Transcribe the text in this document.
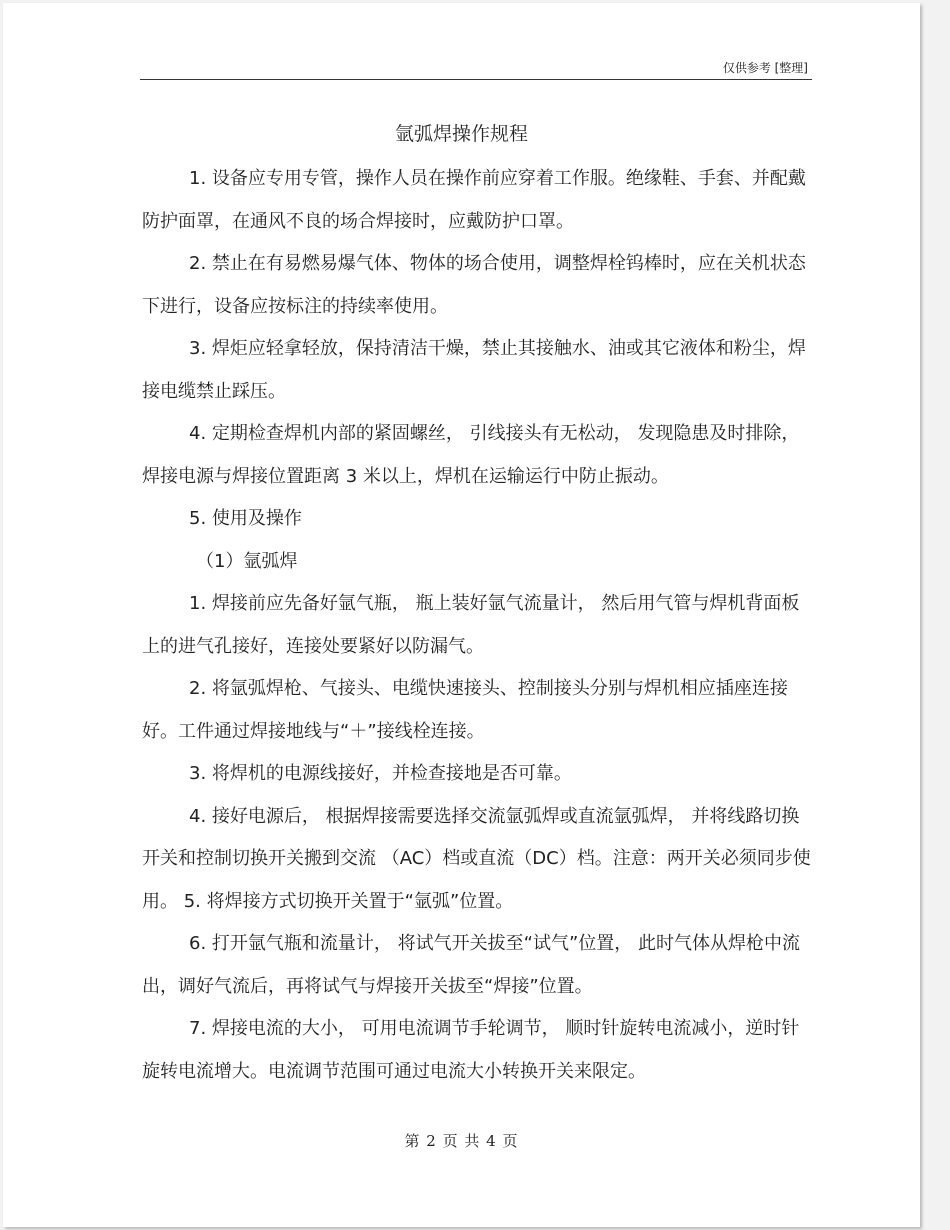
仅供参考 [整理]
氩弧焊操作规程

1. 设备应专用专管，操作人员在操作前应穿着工作服。绝缘鞋、手套、并配戴防护面罩，在通风不良的场合焊接时，应戴防护口罩。

2. 禁止在有易燃易爆气体、物体的场合使用，调整焊栓钨棒时，应在关机状态下进行，设备应按标注的持续率使用。

3. 焊炬应轻拿轻放，保持清洁干燥，禁止其接触水、油或其它液体和粉尘，焊接电缆禁止踩压。

4. 定期检查焊机内部的紧固螺丝， 引线接头有无松动， 发现隐患及时排除，焊接电源与焊接位置距离 3 米以上，焊机在运输运行中防止振动。

5. 使用及操作

（1）氩弧焊

1. 焊接前应先备好氩气瓶， 瓶上装好氩气流量计， 然后用气管与焊机背面板上的进气孔接好，连接处要紧好以防漏气。

2. 将氩弧焊枪、气接头、电缆快速接头、控制接头分别与焊机相应插座连接好。工件通过焊接地线与“＋”接线栓连接。

3. 将焊机的电源线接好，并检查接地是否可靠。

4. 接好电源后， 根据焊接需要选择交流氩弧焊或直流氩弧焊， 并将线路切换开关和控制切换开关搬到交流 （AC）档或直流（DC）档。注意：两开关必须同步使用。 5. 将焊接方式切换开关置于“氩弧”位置。

6. 打开氩气瓶和流量计， 将试气开关拔至“试气”位置， 此时气体从焊枪中流出，调好气流后，再将试气与焊接开关拔至“焊接”位置。

7. 焊接电流的大小， 可用电流调节手轮调节， 顺时针旋转电流减小，逆时针旋转电流增大。电流调节范围可通过电流大小转换开关来限定。

第 2 页 共 4 页
